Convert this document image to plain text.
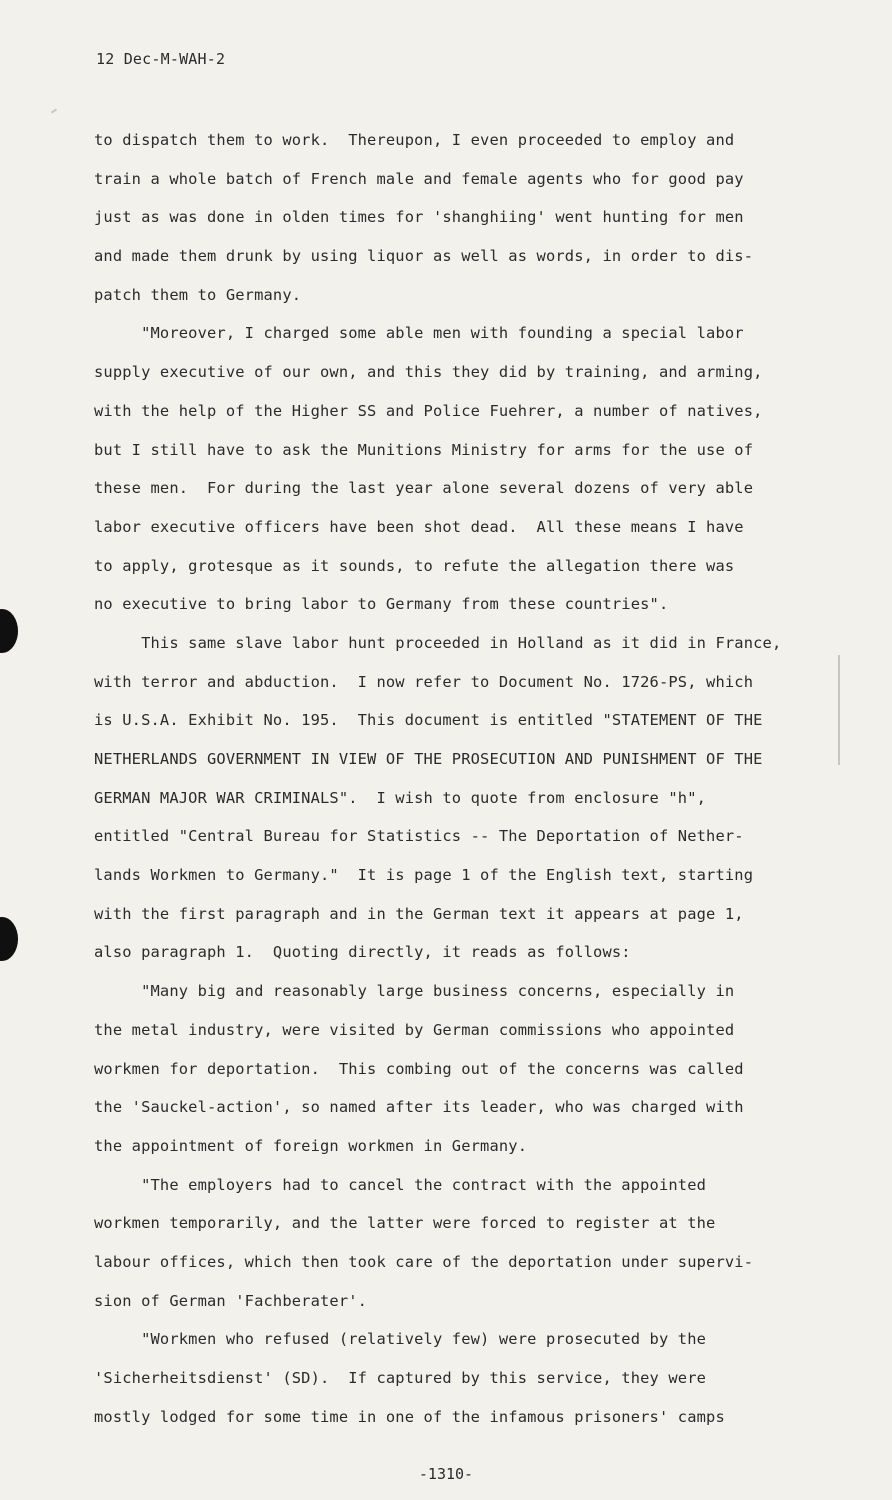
12 Dec-M-WAH-2
to dispatch them to work.  Thereupon, I even proceeded to employ and
train a whole batch of French male and female agents who for good pay
just as was done in olden times for 'shanghiing' went hunting for men
and made them drunk by using liquor as well as words, in order to dis-
patch them to Germany.
"Moreover, I charged some able men with founding a special labor
supply executive of our own, and this they did by training, and arming,
with the help of the Higher SS and Police Fuehrer, a number of natives,
but I still have to ask the Munitions Ministry for arms for the use of
these men.  For during the last year alone several dozens of very able
labor executive officers have been shot dead.  All these means I have
to apply, grotesque as it sounds, to refute the allegation there was
no executive to bring labor to Germany from these countries".
This same slave labor hunt proceeded in Holland as it did in France,
with terror and abduction.  I now refer to Document No. 1726-PS, which
is U.S.A. Exhibit No. 195.  This document is entitled "STATEMENT OF THE
NETHERLANDS GOVERNMENT IN VIEW OF THE PROSECUTION AND PUNISHMENT OF THE
GERMAN MAJOR WAR CRIMINALS".  I wish to quote from enclosure "h",
entitled "Central Bureau for Statistics -- The Deportation of Nether-
lands Workmen to Germany."  It is page 1 of the English text, starting
with the first paragraph and in the German text it appears at page 1,
also paragraph 1.  Quoting directly, it reads as follows:
"Many big and reasonably large business concerns, especially in
the metal industry, were visited by German commissions who appointed
workmen for deportation.  This combing out of the concerns was called
the 'Sauckel-action', so named after its leader, who was charged with
the appointment of foreign workmen in Germany.
"The employers had to cancel the contract with the appointed
workmen temporarily, and the latter were forced to register at the
labour offices, which then took care of the deportation under supervi-
sion of German 'Fachberater'.
"Workmen who refused (relatively few) were prosecuted by the
'Sicherheitsdienst' (SD).  If captured by this service, they were
mostly lodged for some time in one of the infamous prisoners' camps
-1310-
